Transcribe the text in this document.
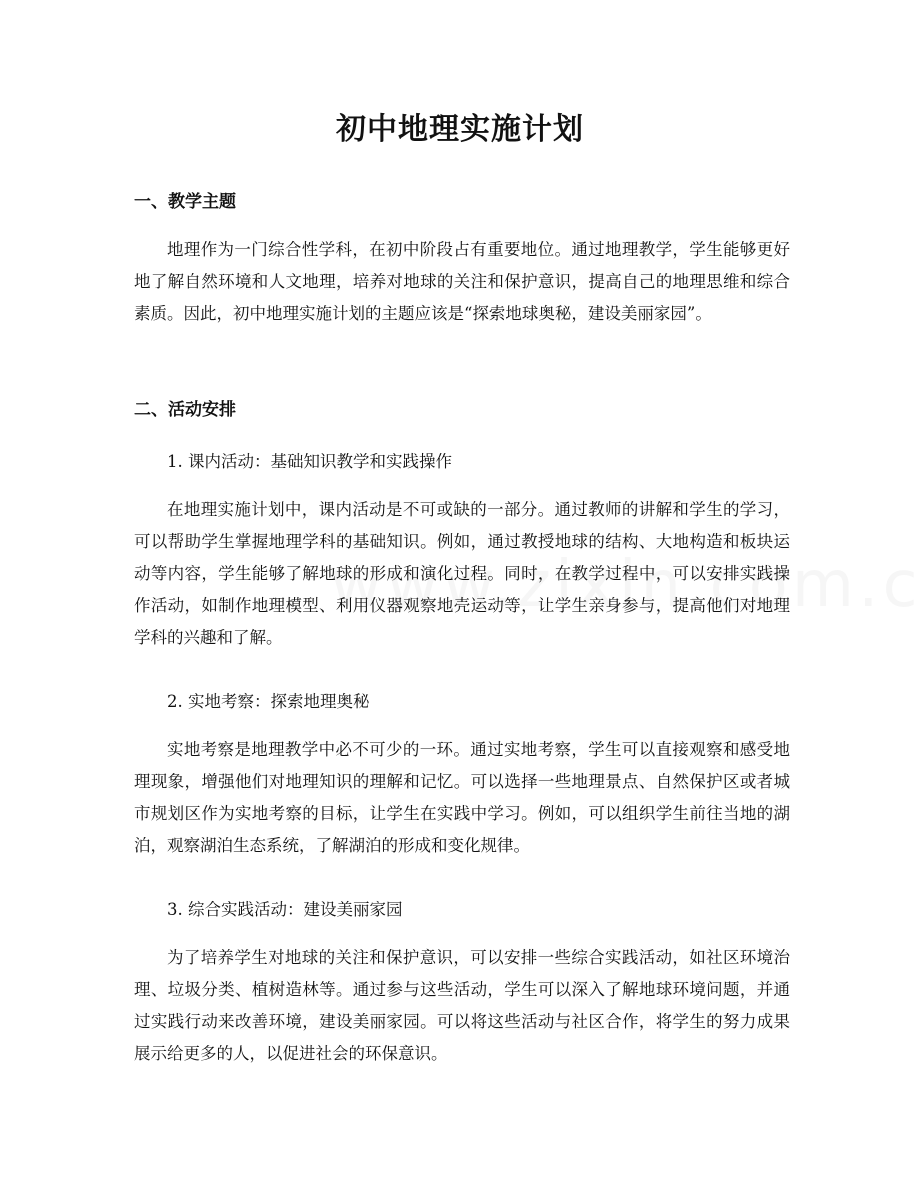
初中地理实施计划
一、教学主题

地理作为一门综合性学科，在初中阶段占有重要地位。通过地理教学，学生能够更好地了解自然环境和人文地理，培养对地球的关注和保护意识，提高自己的地理思维和综合素质。因此，初中地理实施计划的主题应该是“探索地球奥秘，建设美丽家园”。

二、活动安排

1. 课内活动：基础知识教学和实践操作

在地理实施计划中，课内活动是不可或缺的一部分。通过教师的讲解和学生的学习，可以帮助学生掌握地理学科的基础知识。例如，通过教授地球的结构、大地构造和板块运动等内容，学生能够了解地球的形成和演化过程。同时，在教学过程中，可以安排实践操作活动，如制作地理模型、利用仪器观察地壳运动等，让学生亲身参与，提高他们对地理学科的兴趣和了解。

2. 实地考察：探索地理奥秘

实地考察是地理教学中必不可少的一环。通过实地考察，学生可以直接观察和感受地理现象，增强他们对地理知识的理解和记忆。可以选择一些地理景点、自然保护区或者城市规划区作为实地考察的目标，让学生在实践中学习。例如，可以组织学生前往当地的湖泊，观察湖泊生态系统，了解湖泊的形成和变化规律。

3. 综合实践活动：建设美丽家园

为了培养学生对地球的关注和保护意识，可以安排一些综合实践活动，如社区环境治理、垃圾分类、植树造林等。通过参与这些活动，学生可以深入了解地球环境问题，并通过实践行动来改善环境，建设美丽家园。可以将这些活动与社区合作，将学生的努力成果展示给更多的人，以促进社会的环保意识。
